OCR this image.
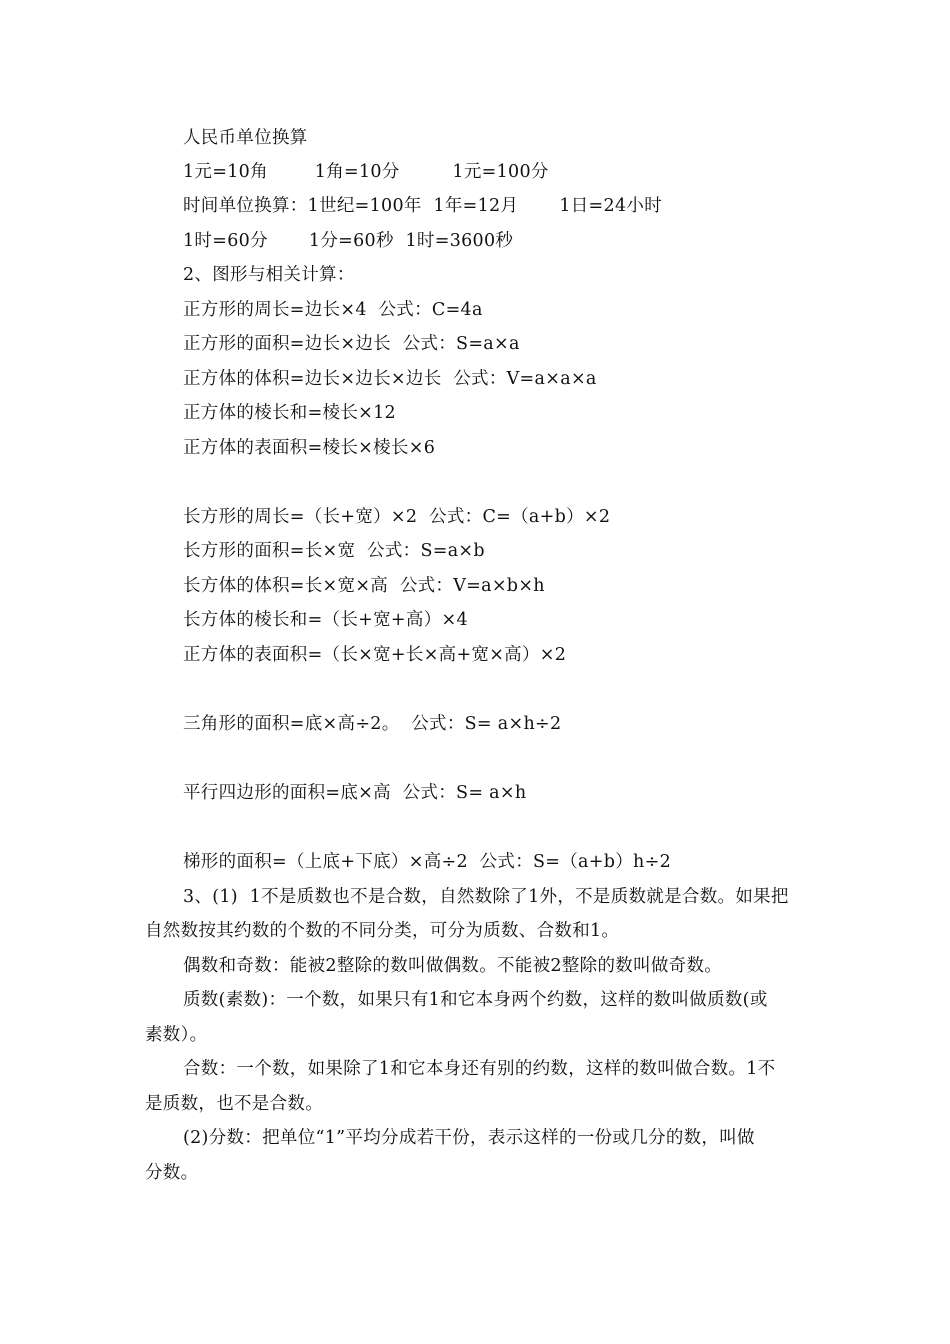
人民币单位换算
1元=10角        1角=10分         1元=100分
时间单位换算：1世纪=100年  1年=12月       1日=24小时
1时=60分       1分=60秒  1时=3600秒
2、图形与相关计算：
正方形的周长=边长×4  公式：C=4a
正方形的面积=边长×边长  公式：S=a×a
正方体的体积=边长×边长×边长  公式：V=a×a×a
正方体的棱长和=棱长×12
正方体的表面积=棱长×棱长×6
长方形的周长=（长+宽）×2  公式：C=（a+b）×2
长方形的面积=长×宽  公式：S=a×b
长方体的体积=长×宽×高  公式：V=a×b×h
长方体的棱长和=（长+宽+高）×4
正方体的表面积=（长×宽+长×高+宽×高）×2
三角形的面积=底×高÷2。  公式：S= a×h÷2
平行四边形的面积=底×高  公式：S= a×h
梯形的面积=（上底+下底）×高÷2  公式：S=（a+b）h÷2
3、(1)  1不是质数也不是合数，自然数除了1外，不是质数就是合数。如果把
自然数按其约数的个数的不同分类，可分为质数、合数和1。
偶数和奇数：能被2整除的数叫做偶数。不能被2整除的数叫做奇数。
质数(素数)：一个数，如果只有1和它本身两个约数，这样的数叫做质数(或
素数）。
合数：一个数，如果除了1和它本身还有别的约数，这样的数叫做合数。1不
是质数，也不是合数。
(2)分数：把单位“1”平均分成若干份，表示这样的一份或几分的数，叫做
分数。
